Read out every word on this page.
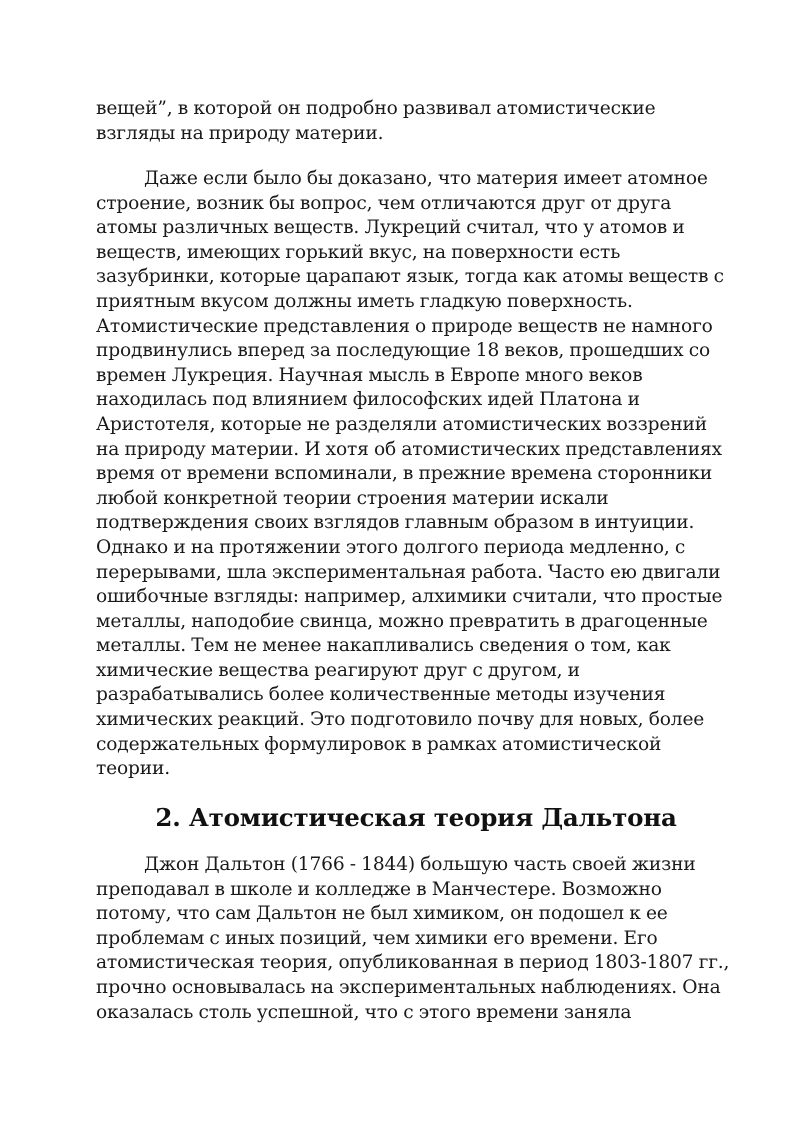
вещей”, в которой он подробно развивал атомистические
взгляды на природу материи.
Даже если было бы доказано, что материя имеет атомное
строение, возник бы вопрос, чем отличаются друг от друга
атомы различных веществ. Лукреций считал, что у атомов и
веществ, имеющих горький вкус, на поверхности есть
зазубринки, которые царапают язык, тогда как атомы веществ с
приятным вкусом должны иметь гладкую поверхность.
Атомистические представления о природе веществ не намного
продвинулись вперед за последующие 18 веков, прошедших со
времен Лукреция. Научная мысль в Европе много веков
находилась под влиянием философских идей Платона и
Аристотеля, которые не разделяли атомистических воззрений
на природу материи. И хотя об атомистических представлениях
время от времени вспоминали, в прежние времена сторонники
любой конкретной теории строения материи искали
подтверждения своих взглядов главным образом в интуиции.
Однако и на протяжении этого долгого периода медленно, с
перерывами, шла экспериментальная работа. Часто ею двигали
ошибочные взгляды: например, алхимики считали, что простые
металлы, наподобие свинца, можно превратить в драгоценные
металлы. Тем не менее накапливались сведения о том, как
химические вещества реагируют друг с другом, и
разрабатывались более количественные методы изучения
химических реакций. Это подготовило почву для новых, более
содержательных формулировок в рамках атомистической
теории.
2. Атомистическая теория Дальтона
Джон Дальтон (1766 - 1844) большую часть своей жизни
преподавал в школе и колледже в Манчестере. Возможно
потому, что сам Дальтон не был химиком, он подошел к ее
проблемам с иных позиций, чем химики его времени. Его
атомистическая теория, опубликованная в период 1803-1807 гг.,
прочно основывалась на экспериментальных наблюдениях. Она
оказалась столь успешной, что с этого времени заняла
